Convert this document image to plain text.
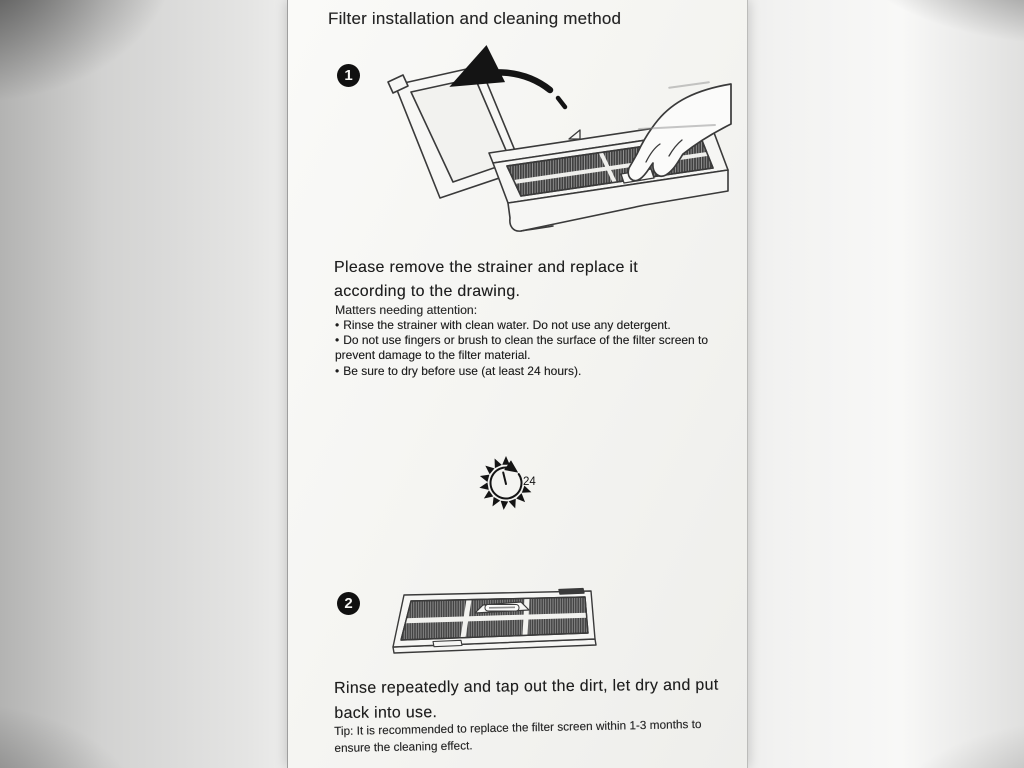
Filter installation and cleaning method
1
Please remove the strainer and replace it according to the drawing.
Matters needing attention:
• Rinse the strainer with clean water. Do not use any detergent.
• Do not use fingers or brush to clean the surface of the filter screen to prevent damage to the filter material.
• Be sure to dry before use (at least 24 hours).
24
2
Rinse repeatedly and tap out the dirt, let dry and put back into use.
Tip: It is recommended to replace the filter screen within 1-3 months to ensure the cleaning effect.
